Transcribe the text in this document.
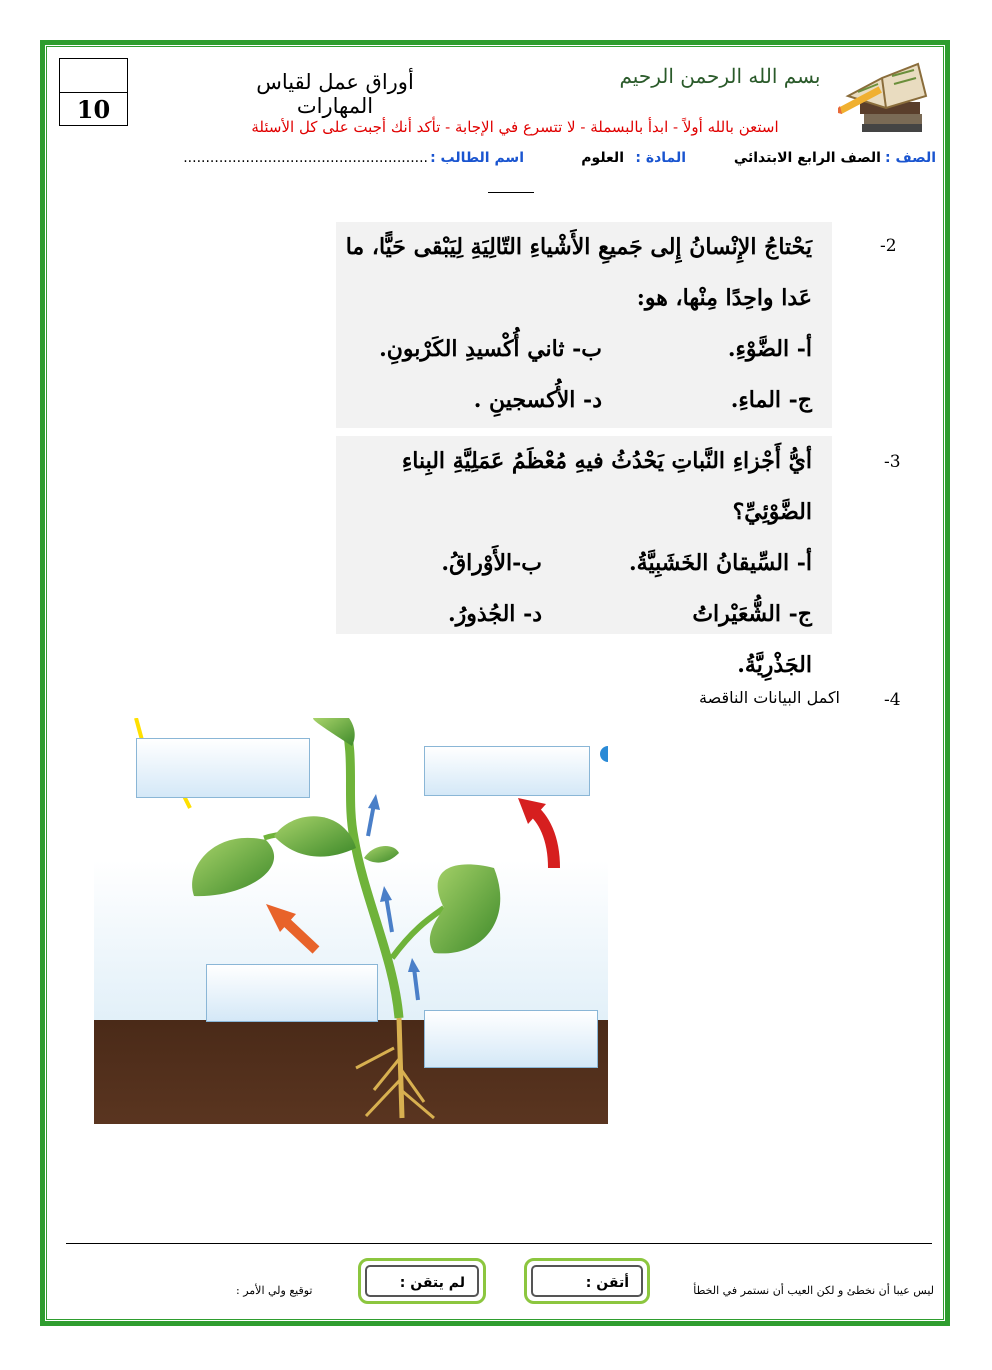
10
أوراق عمل لقياس المهارات
بسم الله الرحمن الرحيم
استعن بالله أولاً - ابدأ بالبسملة - لا تتسرع في الإجابة - تأكد أنك أجبت على كل الأسئلة
الصف :
الصف الرابع الابتدائي
المادة :
العلوم
اسم الطالب :
.......................................................
-2
يَحْتاجُ الإِنْسانُ إِلى جَميعِ الأَشْياءِ التّالِيَةِ لِيَبْقى حَيًّا، ما عَدا واحِدًا مِنْها، هو:
أ- الضَّوْءِ.
ب- ثاني أُكْسيدِ الكَرْبونِ.
ج- الماءِ.
د- الأُكسجينِ .
-3
أيُّ أَجْزاءِ النَّباتِ يَحْدُثُ فيهِ مُعْظَمُ عَمَلِيَّةِ البِناءِ الضَّوْئِيِّ؟
أ- السِّيقانُ الخَشَبِيَّةُ.
ب-الأَوْراقُ.
ج- الشُّعَيْراتُ الجَذْرِيَّةُ.
د- الجُذورُ.
-4
اكمل البيانات الناقصة
أتقن :
لم يتقن :	ليس عيبا أن نخطئ و لكن العيب أن نستمر في الخطأ
توقيع ولي الأمر :
